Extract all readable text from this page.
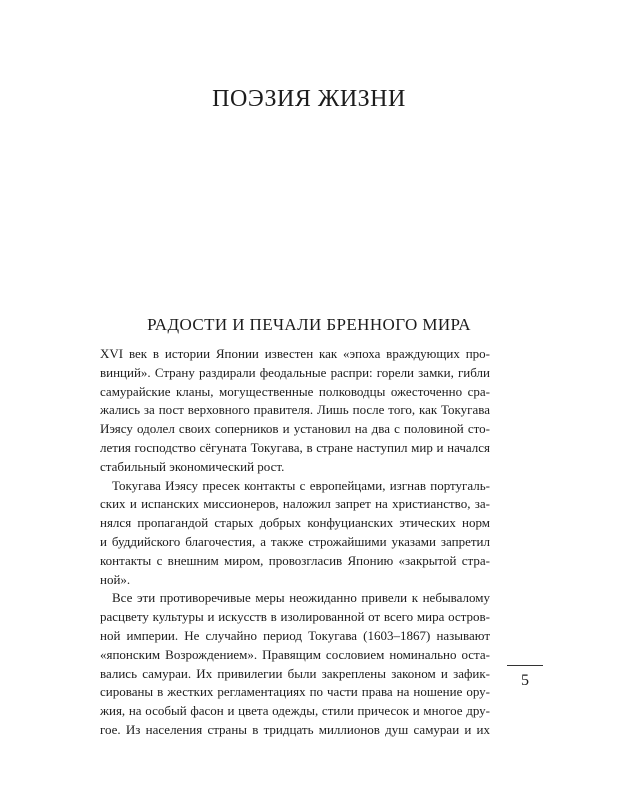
ПОЭЗИЯ ЖИЗНИ
РАДОСТИ И ПЕЧАЛИ БРЕННОГО МИРА
XVI век в истории Японии известен как «эпоха враждующих про-
винций». Страну раздирали феодальные распри: горели замки, гибли
самурайские кланы, могущественные полководцы ожесточенно сра-
жались за пост верховного правителя. Лишь после того, как Токугава
Иэясу одолел своих соперников и установил на два с половиной сто-
летия господство сёгуната Токугава, в стране наступил мир и начался
стабильный экономический рост.
Токугава Иэясу пресек контакты с европейцами, изгнав португаль-
ских и испанских миссионеров, наложил запрет на христианство, за-
нялся пропагандой старых добрых конфуцианских этических норм
и буддийского благочестия, а также строжайшими указами запретил
контакты с внешним миром, провозгласив Японию «закрытой стра-
ной».
Все эти противоречивые меры неожиданно привели к небывалому
расцвету культуры и искусств в изолированной от всего мира остров-
ной империи. Не случайно период Токугава (1603–1867) называют
«японским Возрождением». Правящим сословием номинально оста-
вались самураи. Их привилегии были закреплены законом и зафик-
сированы в жестких регламентациях по части права на ношение ору-
жия, на особый фасон и цвета одежды, стили причесок и многое дру-
гое. Из населения страны в тридцать миллионов душ самураи и их
5
